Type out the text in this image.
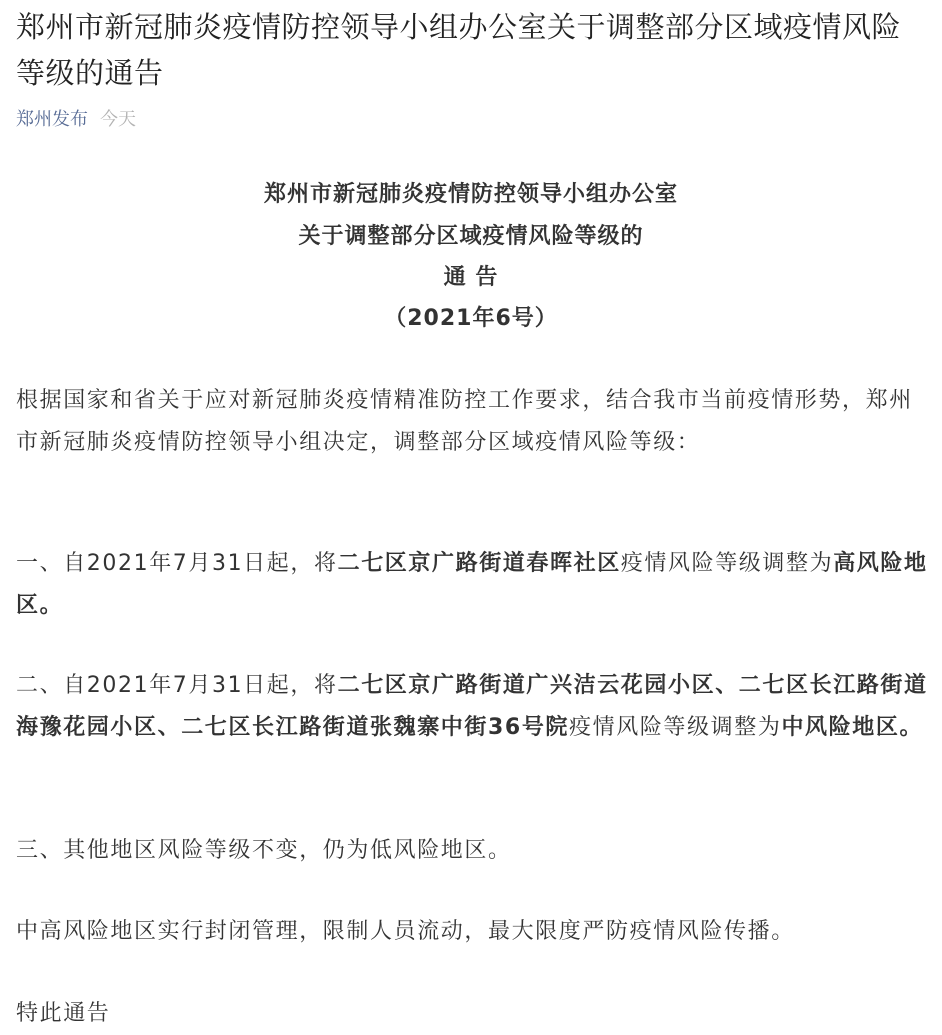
郑州市新冠肺炎疫情防控领导小组办公室关于调整部分区域疫情风险等级的通告
郑州发布 今天
郑州市新冠肺炎疫情防控领导小组办公室
关于调整部分区域疫情风险等级的
通 告
（2021年6号）

根据国家和省关于应对新冠肺炎疫情精准防控工作要求，结合我市当前疫情形势，郑州市新冠肺炎疫情防控领导小组决定，调整部分区域疫情风险等级：

一、自2021年7月31日起，将二七区京广路街道春晖社区疫情风险等级调整为高风险地区。

二、自2021年7月31日起，将二七区京广路街道广兴洁云花园小区、二七区长江路街道海豫花园小区、二七区长江路街道张魏寨中街36号院疫情风险等级调整为中风险地区。

三、其他地区风险等级不变，仍为低风险地区。

中高风险地区实行封闭管理，限制人员流动，最大限度严防疫情风险传播。

特此通告
